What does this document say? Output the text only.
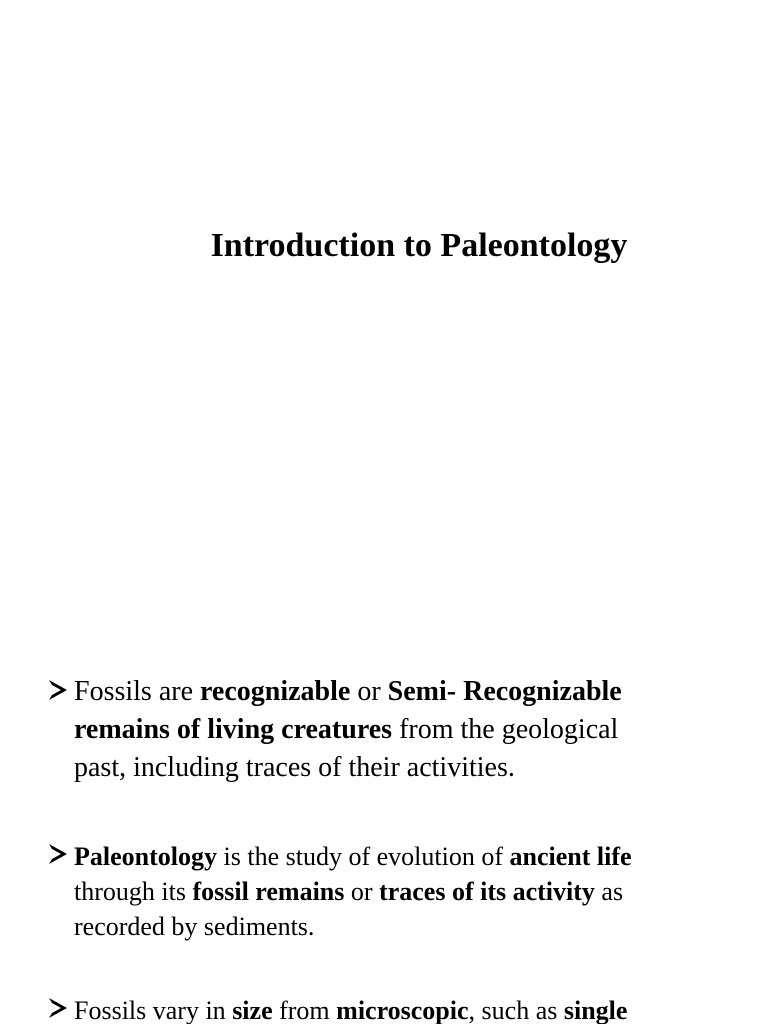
Introduction to Paleontology
Fossils are recognizable or Semi- Recognizable
remains of living creatures from the geological
past, including traces of their activities.
Paleontology is the study of evolution of ancient life
through its fossil remains or traces of its activity as
recorded by sediments.
Fossils vary in size from microscopic, such as single
